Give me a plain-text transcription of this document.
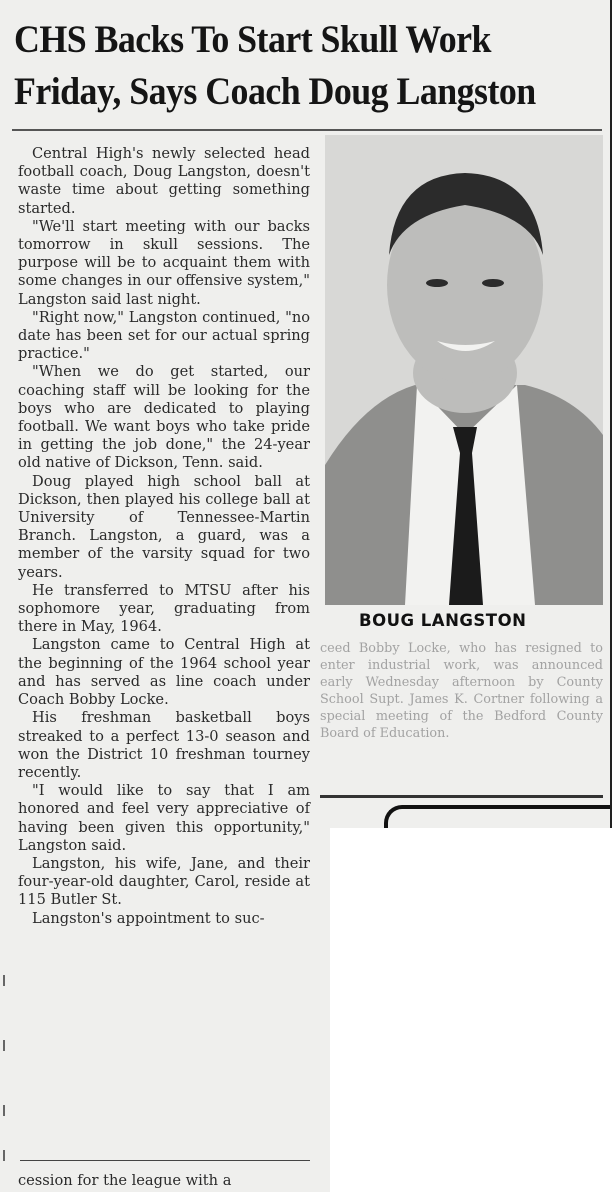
CHS Backs To Start Skull Work
Friday, Says Coach Doug Langston

Central High's newly selected head football coach, Doug Langston, doesn't waste time about getting something started.

"We'll start meeting with our backs tomorrow in skull sessions. The purpose will be to acquaint them with some changes in our offensive system," Langston said last night.

"Right now," Langston continued, "no date has been set for our actual spring practice."

"When we do get started, our coaching staff will be looking for the boys who are dedicated to playing football. We want boys who take pride in getting the job done," the 24-year old native of Dickson, Tenn. said.

Doug played high school ball at Dickson, then played his college ball at University of Tennessee-Martin Branch. Langston, a guard, was a member of the varsity squad for two years.

He transferred to MTSU after his sophomore year, graduating from there in May, 1964.

Langston came to Central High at the beginning of the 1964 school year and has served as line coach under Coach Bobby Locke.

His freshman basketball boys streaked to a perfect 13-0 season and won the District 10 freshman tourney recently.

"I would like to say that I am honored and feel very appreciative of having been given this opportunity," Langston said.

Langston, his wife, Jane, and their four-year-old daughter, Carol, reside at 115 Butler St.

Langston's appointment to suc-

cession for the league with a
BOUG LANGSTON

ceed Bobby Locke, who has resigned to enter industrial work, was announced early Wednesday afternoon by County School Supt. James K. Cortner following a special meeting of the Bedford County Board of Education.
